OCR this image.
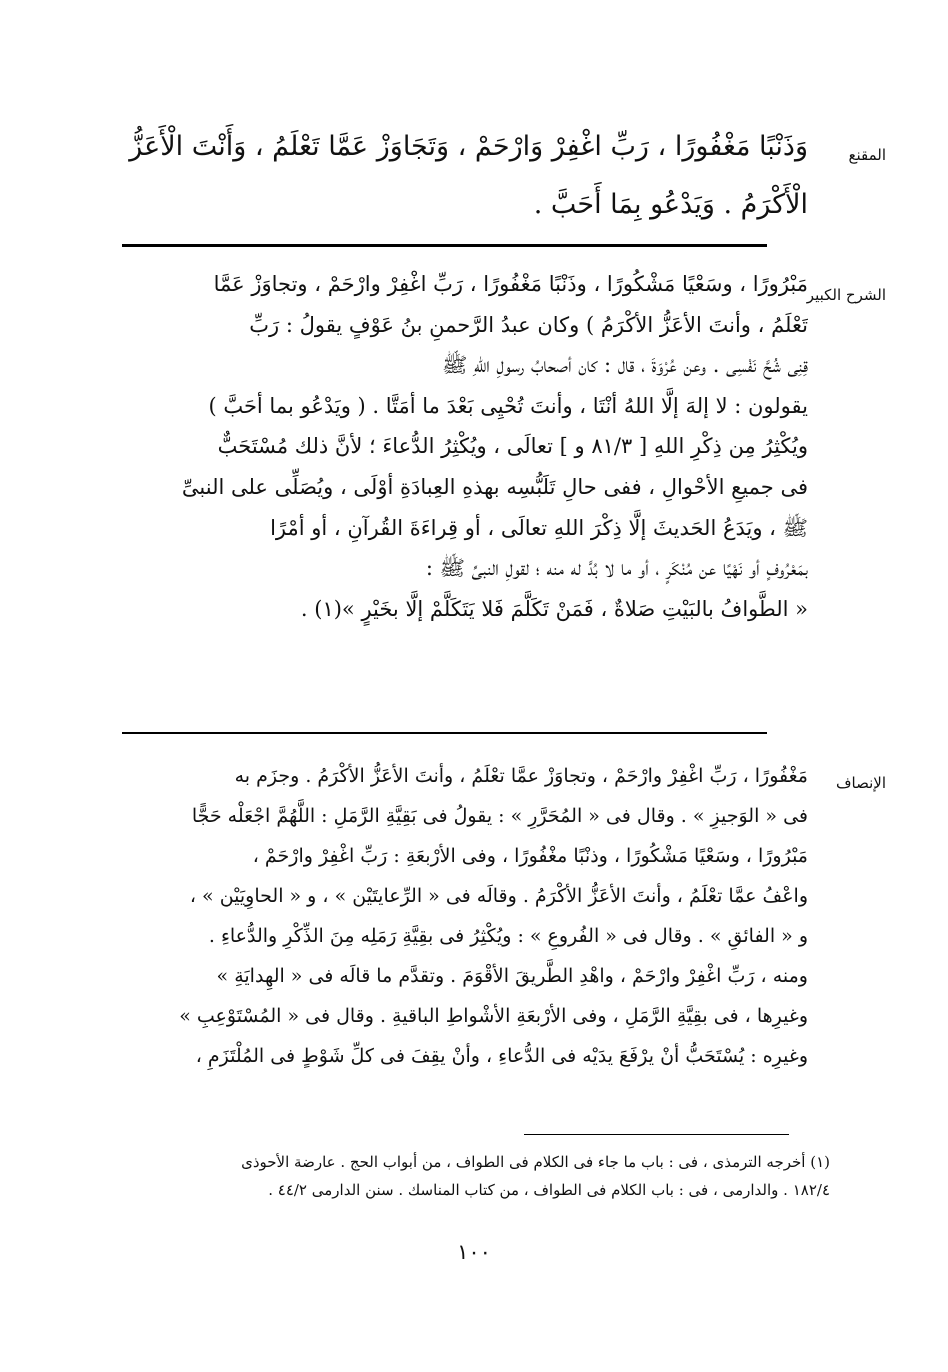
المقنع
وَذَنْبًا مَغْفُورًا ، رَبِّ اغْفِرْ وَارْحَمْ ، وَتَجَاوَزْ عَمَّا تَعْلَمُ ، وَأَنْتَ الْأَعَزُّ
الْأَكْرَمُ . وَيَدْعُو بِمَا أَحَبَّ .
الشرح الكبير
مَبْرُورًا ، وسَعْيًا مَشْكُورًا ، وذَنْبًا مَغْفُورًا ، رَبِّ اغْفِرْ وارْحَمْ ، وتجاوَزْ عَمَّا
تَعْلَمُ ، وأنتَ الأعَزُّ الأكْرَمُ ) وكان عبدُ الرَّحمنِ بنُ عَوْفٍ يقولُ : رَبِّ
قِنِى شُحَّ نَفْسِى . وعن عُرْوَةَ ، قال : كان أصحابُ رسولِ اللهِ ﷺ
يقولون : لا إلهَ إلَّا اللهُ أنْتَا ، وأنتَ تُحْيِى بَعْدَ ما أمَتَّا . ( ويَدْعُو بما أحَبَّ )
ويُكْثِرُ مِن ذِكْرِ اللهِ [ ٨١/٣ و ] تعالَى ، ويُكْثِرُ الدُّعاءَ ؛ لأنَّ ذلك مُسْتَحَبٌّ
فى جميعِ الأحْوالِ ، ففى حالِ تَلَبُّسِه بهذهِ العِبادَةِ أوْلَى ، ويُصَلِّى على النبىِّ
ﷺ ، ويَدَعُ الحَديثَ إلَّا ذِكْرَ اللهِ تعالَى ، أو قِراءَةَ القُرآنِ ، أو أمْرًا
بمَعْرُوفٍ أو نَهْيًا عن مُنْكَرٍ ، أو ما لا بُدَّ له منه ؛ لقولِ النبىِّ ﷺ :
« الطَّوافُ بالبَيْتِ صَلاةٌ ، فَمَنْ تَكَلَّمَ فَلا يَتَكَلَّمْ إلَّا بخَيْرٍ »(١) .
الإنصاف
مَغْفُورًا ، رَبِّ اغْفِرْ وارْحَمْ ، وتجاوَزْ عمَّا تعْلَمُ ، وأنتَ الأعَزُّ الأكْرَمُ . وجزَم به
فى « الوَجيزِ » . وقال فى « المُحَرَّرِ » : يقولُ فى بَقِيَّةِ الرَّمَلِ : اللَّهُمَّ اجْعَلْه حَجًّا
مَبْرُورًا ، وسَعْيًا مَشْكُورًا ، وذنْبًا مغْفُورًا ، وفى الأرْبعَةِ : رَبِّ اغْفِرْ وارْحَمْ ،
واعْفُ عمَّا تعْلَمُ ، وأنتَ الأعَزُّ الأكْرَمُ . وقالَه فى « الرِّعايتَيْن » ، و « الحاوِيَيْن » ،
و « الفائقِ » . وقال فى « الفُروعِ » : ويُكْثِرُ فى بقِيَّةِ رَمَلِه مِنَ الذِّكْرِ والدُّعاءِ .
ومنه ، رَبِّ اغْفِرْ وارْحَمْ ، واهْدِ الطَّريقَ الأقْوَمَ . وتقدَّم ما قالَه فى « الهِدايَةِ »
وغيرِها ، فى بقِيَّةِ الرَّمَلِ ، وفى الأرْبعَةِ الأشْواطِ الباقيةِ . وقال فى « المُسْتَوْعِبِ »
وغيرِه : يُسْتَحَبُّ أنْ يرْفَعَ يدَيْه فى الدُّعاءِ ، وأنْ يقِفَ فى كلِّ شَوْطٍ فى المُلْتَزَمِ ،
(١) أخرجه الترمذى ، فى : باب ما جاء فى الكلام فى الطواف ، من أبواب الحج . عارضة الأحوذى
١٨٢/٤ . والدارمى ، فى : باب الكلام فى الطواف ، من كتاب المناسك . سنن الدارمى ٤٤/٢ .
١٠٠
